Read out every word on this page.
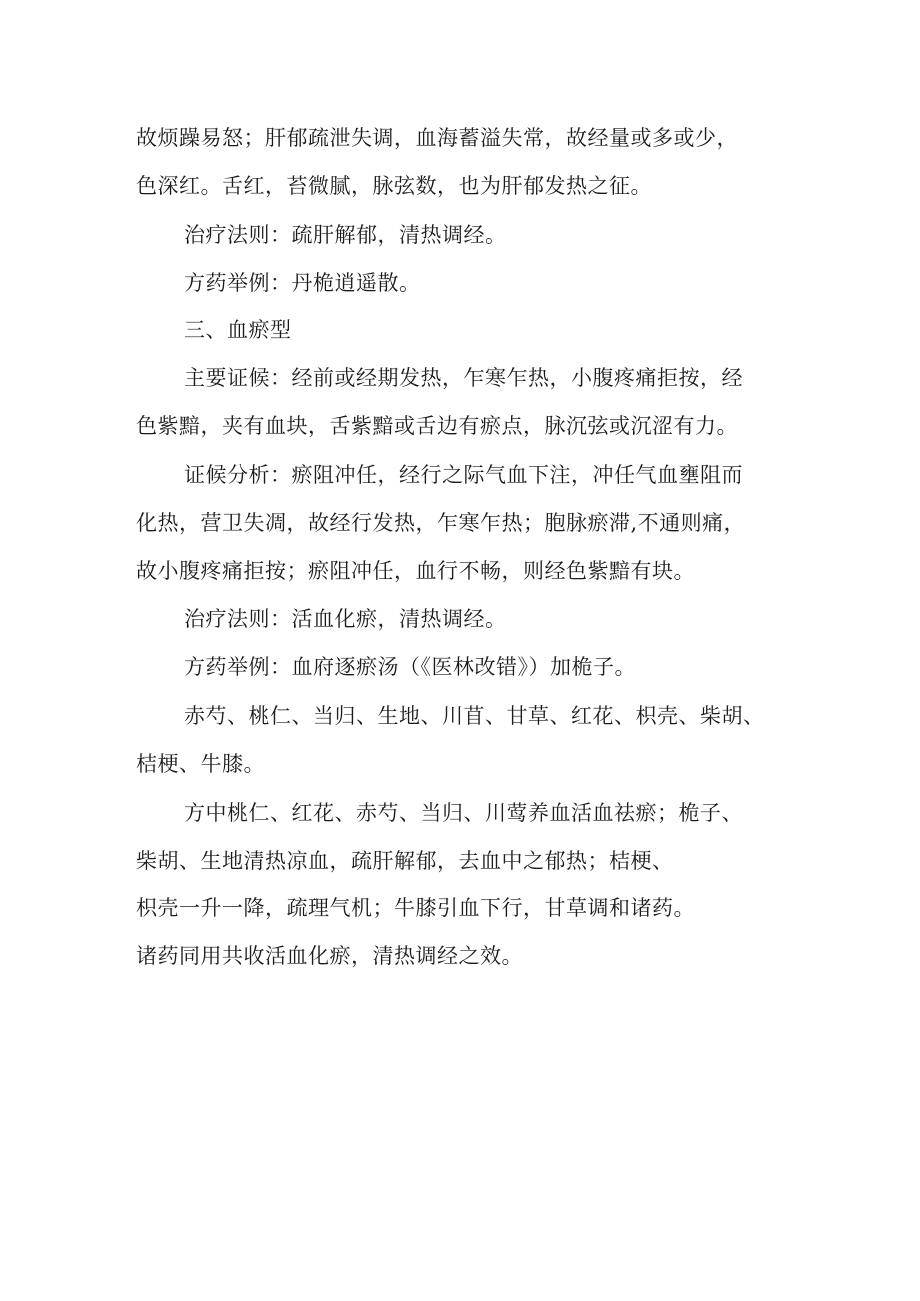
故烦躁易怒；肝郁疏泄失调，血海蓄溢失常，故经量或多或少，
色深红。舌红，苔微腻，脉弦数，也为肝郁发热之征。
治疗法则：疏肝解郁，清热调经。
方药举例：丹桅逍遥散。
三、血瘀型
主要证候：经前或经期发热，乍寒乍热，小腹疼痛拒按，经
色紫黯，夹有血块，舌紫黯或舌边有瘀点，脉沉弦或沉涩有力。
证候分析：瘀阻冲任，经行之际气血下注，冲任气血壅阻而
化热，营卫失凋，故经行发热，乍寒乍热；胞脉瘀滞,不通则痛，
故小腹疼痛拒按；瘀阻冲任，血行不畅，则经色紫黯有块。
治疗法则：活血化瘀，清热调经。
方药举例：血府逐瘀汤（《医林改错》）加桅子。
赤芍、桃仁、当归、生地、川苜、甘草、红花、枳壳、柴胡、
桔梗、牛膝。
方中桃仁、红花、赤芍、当归、川莺养血活血祛瘀；桅子、
柴胡、生地清热凉血，疏肝解郁，去血中之郁热；桔梗、
枳壳一升一降，疏理气机；牛膝引血下行，甘草调和诸药。
诸药同用共收活血化瘀，清热调经之效。
